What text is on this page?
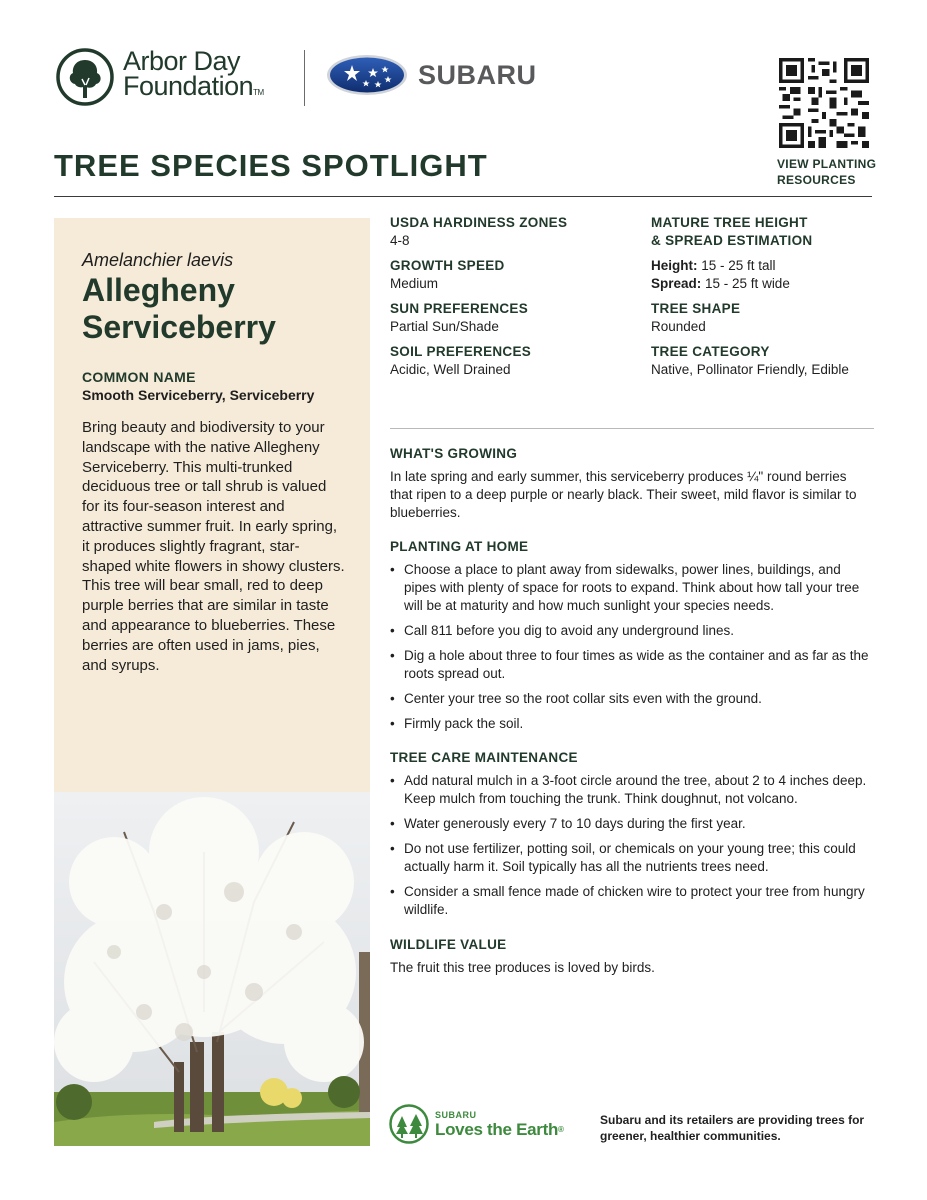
Arbor Day
FoundationTM
SUBARU
VIEW PLANTING
RESOURCES
TREE SPECIES SPOTLIGHT
Amelanchier laevis
Allegheny
Serviceberry
COMMON NAME
Smooth Serviceberry, Serviceberry
Bring beauty and biodiversity to your landscape with the native Allegheny Serviceberry. This multi-trunked deciduous tree or tall shrub is valued for its four-season interest and attractive summer fruit. In early spring, it produces slightly fragrant, star-shaped white flowers in showy clusters. This tree will bear small, red to deep purple berries that are similar in taste and appearance to blueberries. These berries are often used in jams, pies, and syrups.
USDA HARDINESS ZONES
4-8
GROWTH SPEED
Medium
SUN PREFERENCES
Partial Sun/Shade
SOIL PREFERENCES
Acidic, Well Drained
MATURE TREE HEIGHT
& SPREAD ESTIMATION
Height: 15 - 25 ft tall
Spread: 15 - 25 ft wide
TREE SHAPE
Rounded
TREE CATEGORY
Native, Pollinator Friendly, Edible
WHAT'S GROWING

In late spring and early summer, this serviceberry produces ¼" round berries that ripen to a deep purple or nearly black. Their sweet, mild flavor is similar to blueberries.

PLANTING AT HOME
• Choose a place to plant away from sidewalks, power lines, buildings, and pipes with plenty of space for roots to expand. Think about how tall your tree will be at maturity and how much sunlight your species needs.
• Call 811 before you dig to avoid any underground lines.
• Dig a hole about three to four times as wide as the container and as far as the roots spread out.
• Center your tree so the root collar sits even with the ground.
• Firmly pack the soil.
TREE CARE MAINTENANCE
• Add natural mulch in a 3-foot circle around the tree, about 2 to 4 inches deep. Keep mulch from touching the trunk. Think doughnut, not volcano.
• Water generously every 7 to 10 days during the first year.
• Do not use fertilizer, potting soil, or chemicals on your young tree; this could actually harm it. Soil typically has all the nutrients trees need.
• Consider a small fence made of chicken wire to protect your tree from hungry wildlife.
WILDLIFE VALUE

The fruit this tree produces is loved by birds.

SUBARU
Loves the Earth®
Subaru and its retailers are providing trees for greener, healthier communities.
